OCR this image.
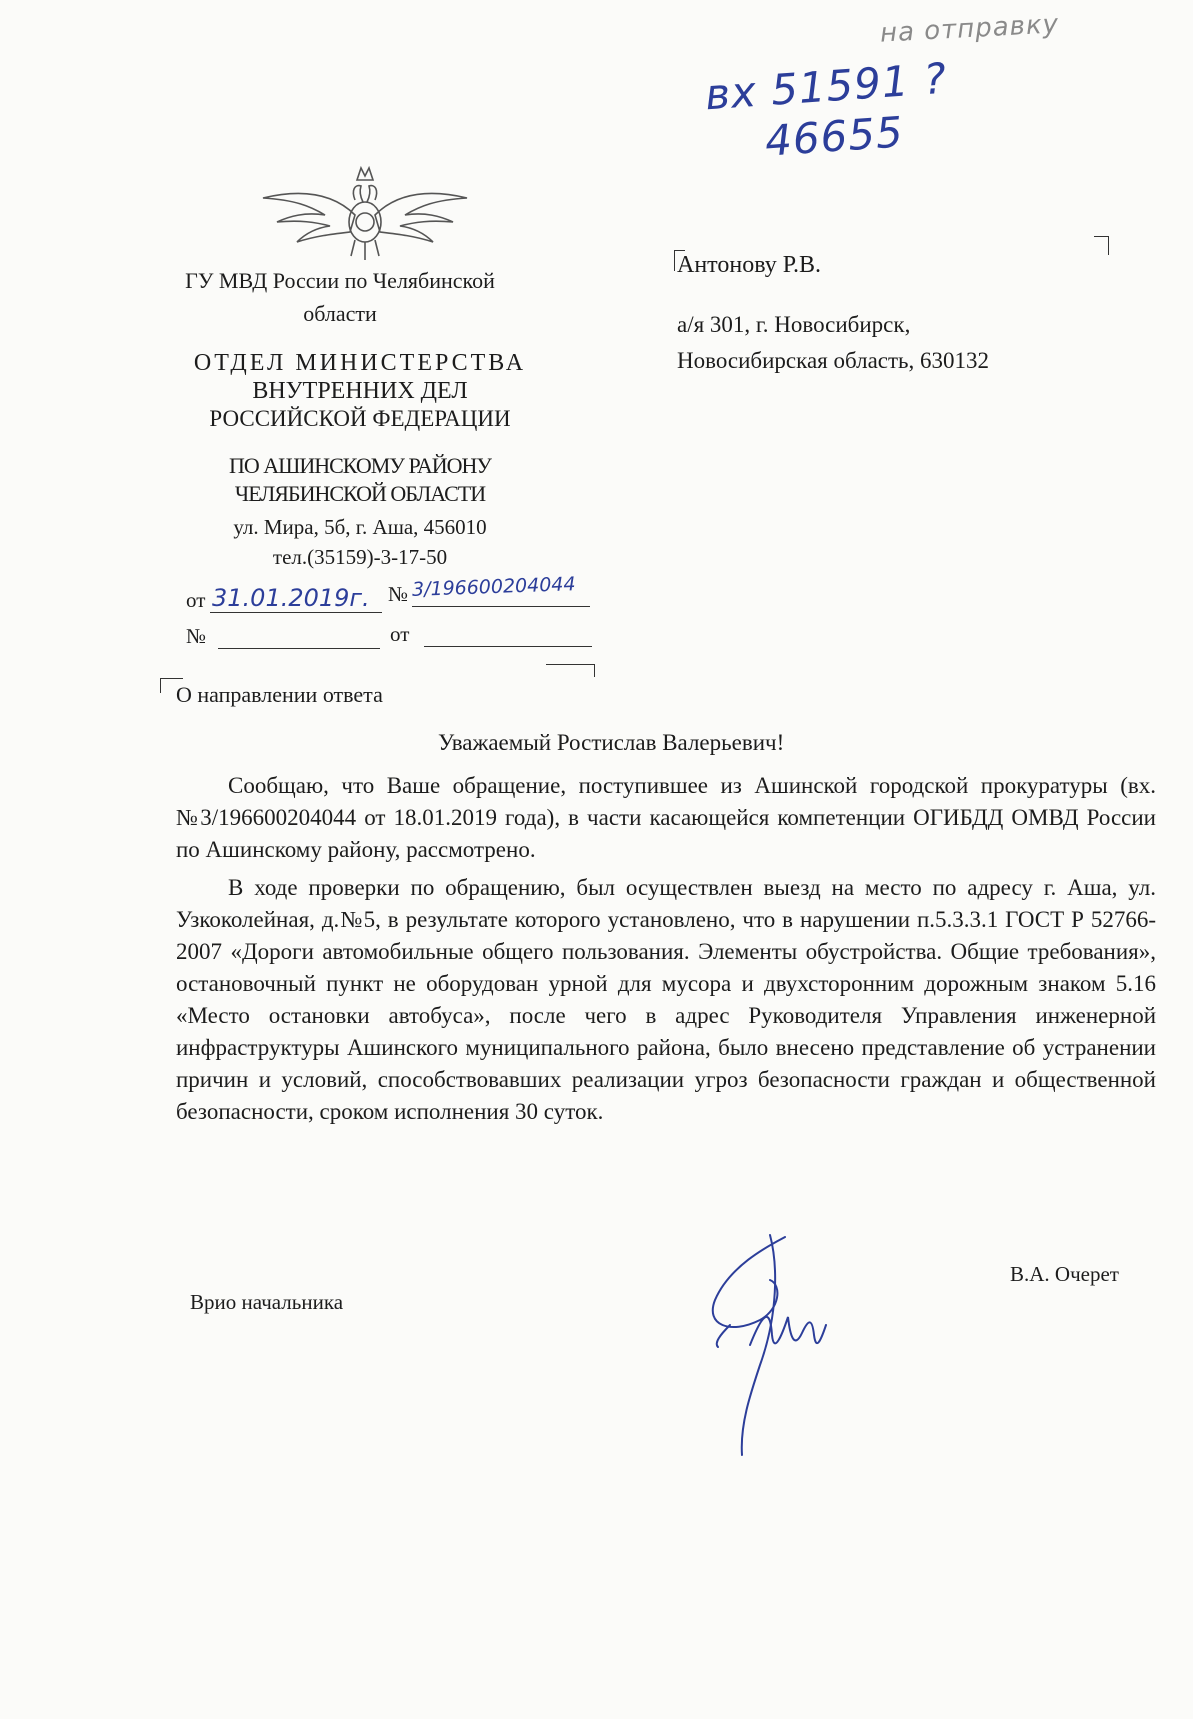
на отправку
вх 51591 ?
46655
ГУ МВД России по Челябинской
области
ОТДЕЛ МИНИСТЕРСТВА
ВНУТРЕННИХ ДЕЛ
РОССИЙСКОЙ ФЕДЕРАЦИИ
ПО АШИНСКОМУ РАЙОНУ
ЧЕЛЯБИНСКОЙ ОБЛАСТИ
ул. Мира, 5б, г. Аша, 456010
тел.(35159)-3-17-50
от 31.01.2019г. № 3/196600204044
№	от
Антонову Р.В.
а/я 301, г. Новосибирск,
Новосибирская область, 630132
О направлении ответа
Уважаемый Ростислав Валерьевич!

Сообщаю, что Ваше обращение, поступившее из Ашинской городской прокуратуры (вх. №3/196600204044 от 18.01.2019 года), в части касающейся компетенции ОГИБДД ОМВД России по Ашинскому району, рассмотрено.

В ходе проверки по обращению, был осуществлен выезд на место по адресу г. Аша, ул. Узкоколейная, д.№5, в результате которого установлено, что в нарушении п.5.3.3.1 ГОСТ Р 52766-2007 «Дороги автомобильные общего пользования. Элементы обустройства. Общие требования», остановочный пункт не оборудован урной для мусора и двухсторонним дорожным знаком 5.16 «Место остановки автобуса», после чего в адрес Руководителя Управления инженерной инфраструктуры Ашинского муниципального района, было внесено представление об устранении причин и условий, способствовавших реализации угроз безопасности граждан и общественной безопасности, сроком исполнения 30 суток.

Врио начальника
В.А. Очерет
